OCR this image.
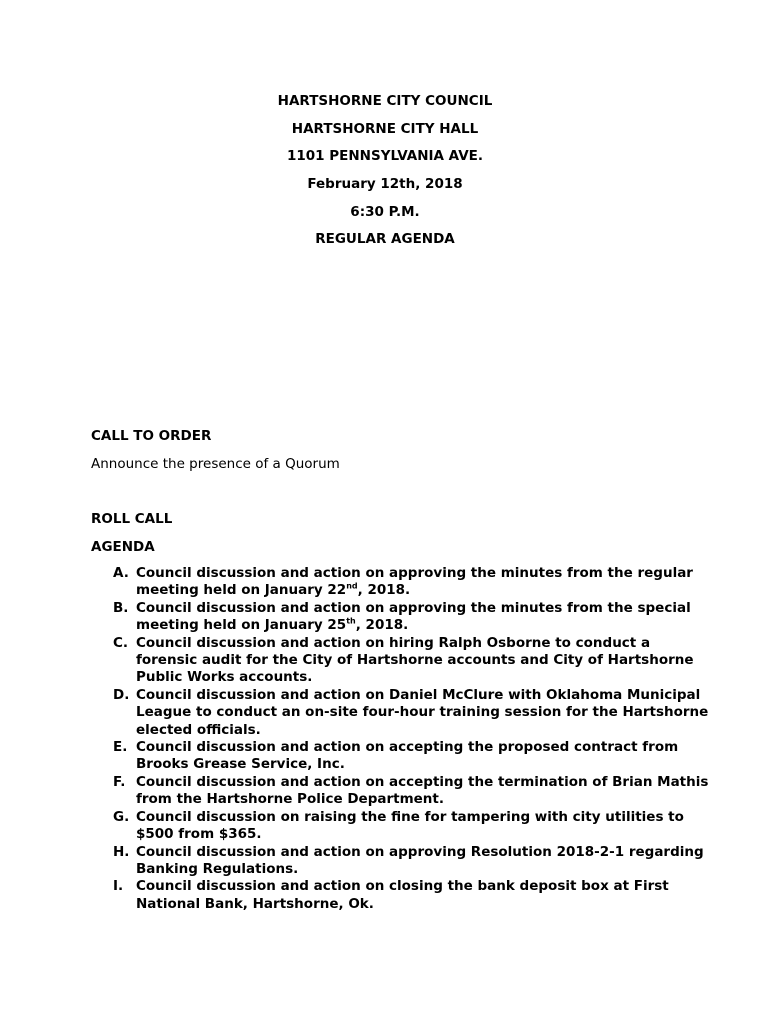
HARTSHORNE CITY COUNCIL
HARTSHORNE CITY HALL
1101 PENNSYLVANIA AVE.
February 12th, 2018
6:30 P.M.
REGULAR AGENDA
CALL TO ORDER
Announce the presence of a Quorum
ROLL CALL
AGENDA
A. Council discussion and action on approving the minutes from the regular meeting held on January 22nd, 2018.
B. Council discussion and action on approving the minutes from the special meeting held on January 25th, 2018.
C. Council discussion and action on hiring Ralph Osborne to conduct a forensic audit for the City of Hartshorne accounts and City of Hartshorne Public Works accounts.
D. Council discussion and action on Daniel McClure with Oklahoma Municipal League to conduct an on-site four-hour training session for the Hartshorne elected officials.
E. Council discussion and action on accepting the proposed contract from Brooks Grease Service, Inc.
F. Council discussion and action on accepting the termination of Brian Mathis from the Hartshorne Police Department.
G. Council discussion on raising the fine for tampering with city utilities to $500 from $365.
H. Council discussion and action on approving Resolution 2018-2-1 regarding Banking Regulations.
I. Council discussion and action on closing the bank deposit box at First National Bank, Hartshorne, Ok.
